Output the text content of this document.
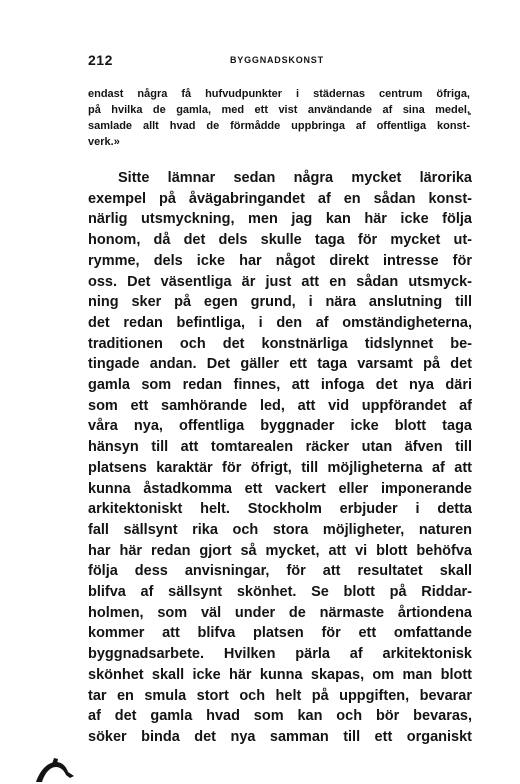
212	BYGGNADSKONST
endast några få hufvudpunkter i städernas centrum öfriga,
på hvilka de gamla, med ett vist användande af sina medel,
samlade allt hvad de förmådde uppbringa af offentliga konst-
verk.»
Sitte lämnar sedan några mycket lärorika
exempel på åvägabringandet af en sådan konst-
närlig utsmyckning, men jag kan här icke följa
honom, då det dels skulle taga för mycket ut-
rymme, dels icke har något direkt intresse för
oss. Det väsentliga är just att en sådan utsmyck-
ning sker på egen grund, i nära anslutning till
det redan befintliga, i den af omständigheterna,
traditionen och det konstnärliga tidslynnet be-
tingade andan. Det gäller ett taga varsamt på det
gamla som redan finnes, att infoga det nya däri
som ett samhörande led, att vid uppförandet af
våra nya, offentliga byggnader icke blott taga
hänsyn till att tomtarealen räcker utan äfven till
platsens karaktär för öfrigt, till möjligheterna af att
kunna åstadkomma ett vackert eller imponerande
arkitektoniskt helt. Stockholm erbjuder i detta
fall sällsynt rika och stora möjligheter, naturen
har här redan gjort så mycket, att vi blott behöfva
följa dess anvisningar, för att resultatet skall
blifva af sällsynt skönhet. Se blott på Riddar-
holmen, som väl under de närmaste årtiondena
kommer att blifva platsen för ett omfattande
byggnadsarbete. Hvilken pärla af arkitektonisk
skönhet skall icke här kunna skapas, om man blott
tar en smula stort och helt på uppgiften, bevarar
af det gamla hvad som kan och bör bevaras,
söker binda det nya samman till ett organiskt
